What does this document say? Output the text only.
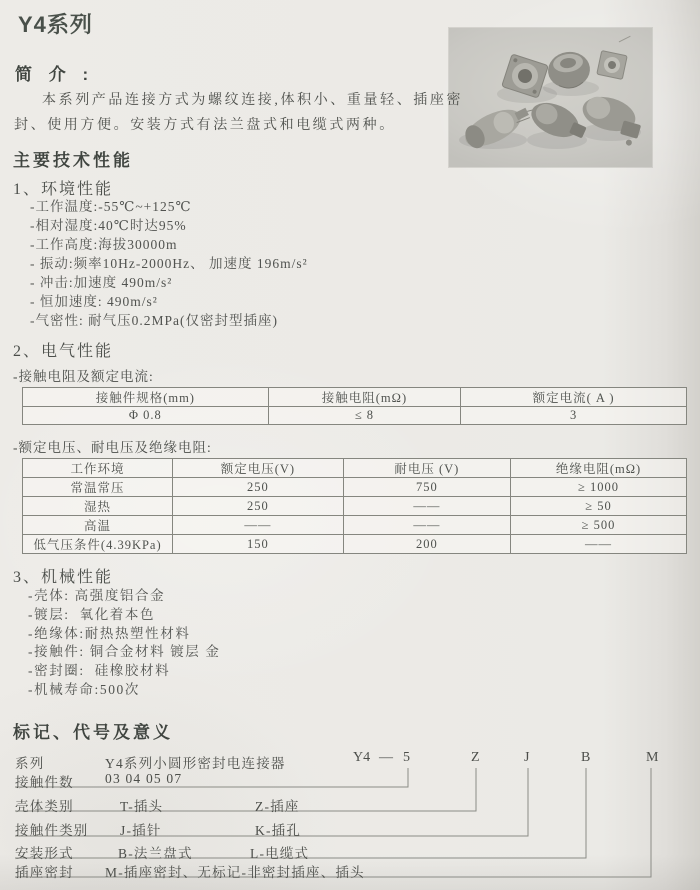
Y4系列
简 介 :
本系列产品连接方式为螺纹连接,体积小、重量轻、插座密封、使用方便。安装方式有法兰盘式和电缆式两种。
主要技术性能
1、环境性能
-工作温度:-55℃~+125℃
-相对湿度:40℃时达95%
-工作高度:海拔30000m
- 振动:频率10Hz-2000Hz、 加速度 196m/s²
- 冲击:加速度 490m/s²
- 恒加速度: 490m/s²
-气密性: 耐气压0.2MPa(仅密封型插座)
2、电气性能
-接触电阻及额定电流:
接触件规格(mm)	接触电阻(mΩ)	额定电流( A )
Φ 0.8	≤ 8	3
-额定电压、耐电压及绝缘电阻:
工作环境	额定电压(V)	耐电压 (V)	绝缘电阻(mΩ)
常温常压	250	750	≥ 1000
湿热	250	——	≥ 50
高温	——	——	≥ 500
低气压条件(4.39KPa)	150	200	——
3、机械性能
-壳体: 高强度铝合金
-镀层:  氧化着本色
-绝缘体:耐热热塑性材料
-接触件: 铜合金材料 镀层 金
-密封圈:  硅橡胶材料
-机械寿命:500次
标记、代号及意义
Y4 — 5	Z	J	B	M
系列	Y4系列小圆形密封电连接器
接触件数 03 04 05 07
壳体类别	T-插头	Z-插座
接触件类别 J-插针	K-插孔
安装形式	B-法兰盘式	L-电缆式
插座密封 M-插座密封、无标记-非密封插座、插头
